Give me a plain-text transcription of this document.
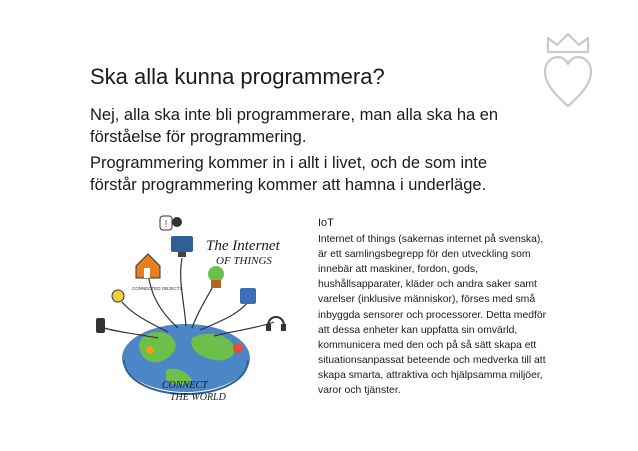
Ska alla kunna programmera?
Nej, alla ska inte bli programmerare, man alla ska ha en förståelse för programmering.
Programmering kommer in i allt i livet, och de som inte förstår programmering kommer att hamna i underläge.
!
CONNECTED OBJECTS
The Internet
OF THINGS
CONNECT
THE WORLD
IoT
Internet of things (sakernas internet på svenska), är ett samlingsbegrepp för den utveckling som innebär att maskiner, fordon, gods, hushållsapparater, kläder och andra saker samt varelser (inklusive människor), förses med små inbyggda sensorer och processorer. Detta medför att dessa enheter kan uppfatta sin omvärld, kommunicera med den och på så sätt skapa ett situationsanpassat beteende och medverka till att skapa smarta, attraktiva och hjälpsamma miljöer, varor och tjänster.
